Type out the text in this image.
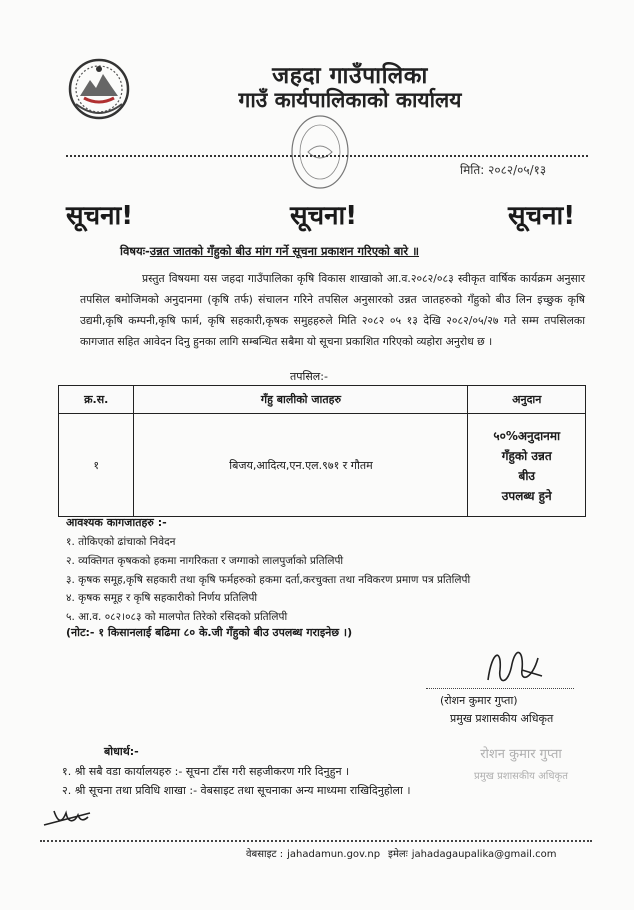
जहदा गाउँपालिका
गाउँ कार्यपालिकाको कार्यालय
मिति: २०८२/०५/१३
सूचना!	सूचना!	सूचना!
विषयः-उन्नत जातको गँहुको बीउ मांग गर्ने सूचना प्रकाशन गरिएको बारे ॥
प्रस्तुत विषयमा यस जहदा गाउँपालिका कृषि विकास शाखाको आ.व.२०८२/०८३ स्वीकृत वार्षिक कार्यक्रम अनुसार तपसिल बमोजिमको अनुदानमा (कृषि तर्फ) संचालन गरिने तपसिल अनुसारको उन्नत जातहरुको गँहुको बीउ लिन इच्छुक कृषि उद्यमी,कृषि कम्पनी,कृषि फार्म, कृषि सहकारी,कृषक समुहहरुले मिति २०८२ ०५ १३ देखि २०८२/०५/२७ गते सम्म तपसिलका कागजात सहित आवेदन दिनु हुनका लागि सम्बन्धित सबैमा यो सूचना प्रकाशित गरिएको व्यहोरा अनुरोध छ ।
तपसिल:-
क्र.स.	गँहु बालीको जातहरु	अनुदान
१	बिजय,आदित्य,एन.एल.९७१ र गौतम	५०%अनुदानमा
गँहुको उन्नत
बीउ
उपलब्ध हुने
आवश्यक कागजातहरु :-
१. तोकिएको ढांचाको निवेदन
२. व्यक्तिगत कृषकको हकमा नागरिकता र जग्गाको लालपुर्जाको प्रतिलिपी
३. कृषक समूह,कृषि सहकारी तथा कृषि फर्महरुको हकमा दर्ता,करचुक्ता तथा नविकरण प्रमाण पत्र प्रतिलिपी
४. कृषक समूह र कृषि सहकारीको निर्णय प्रतिलिपी
५. आ.व. ०८२।०८३ को मालपोत तिरेको रसिदको प्रतिलिपी
(नोट:- १ किसानलाई बढिमा ८० के.जी गँहुको बीउ उपलब्ध गराइनेछ ।)
(रोशन कुमार गुप्ता)
प्रमुख प्रशासकीय अधिकृत
बोधार्थ:-	रोशन कुमार गुप्ता
प्रमुख प्रशासकीय अधिकृत
१. श्री सबै वडा कार्यालयहरु :- सूचना टाँस गरी सहजीकरण गरि दिनुहुन ।
२. श्री सूचना तथा प्रविधि शाखा :- वेबसाइट तथा सूचनाका अन्य माध्यमा राखिदिनुहोला ।
वेबसाइट : jahadamun.gov.np इमेलः jahadagaupalika@gmail.com
